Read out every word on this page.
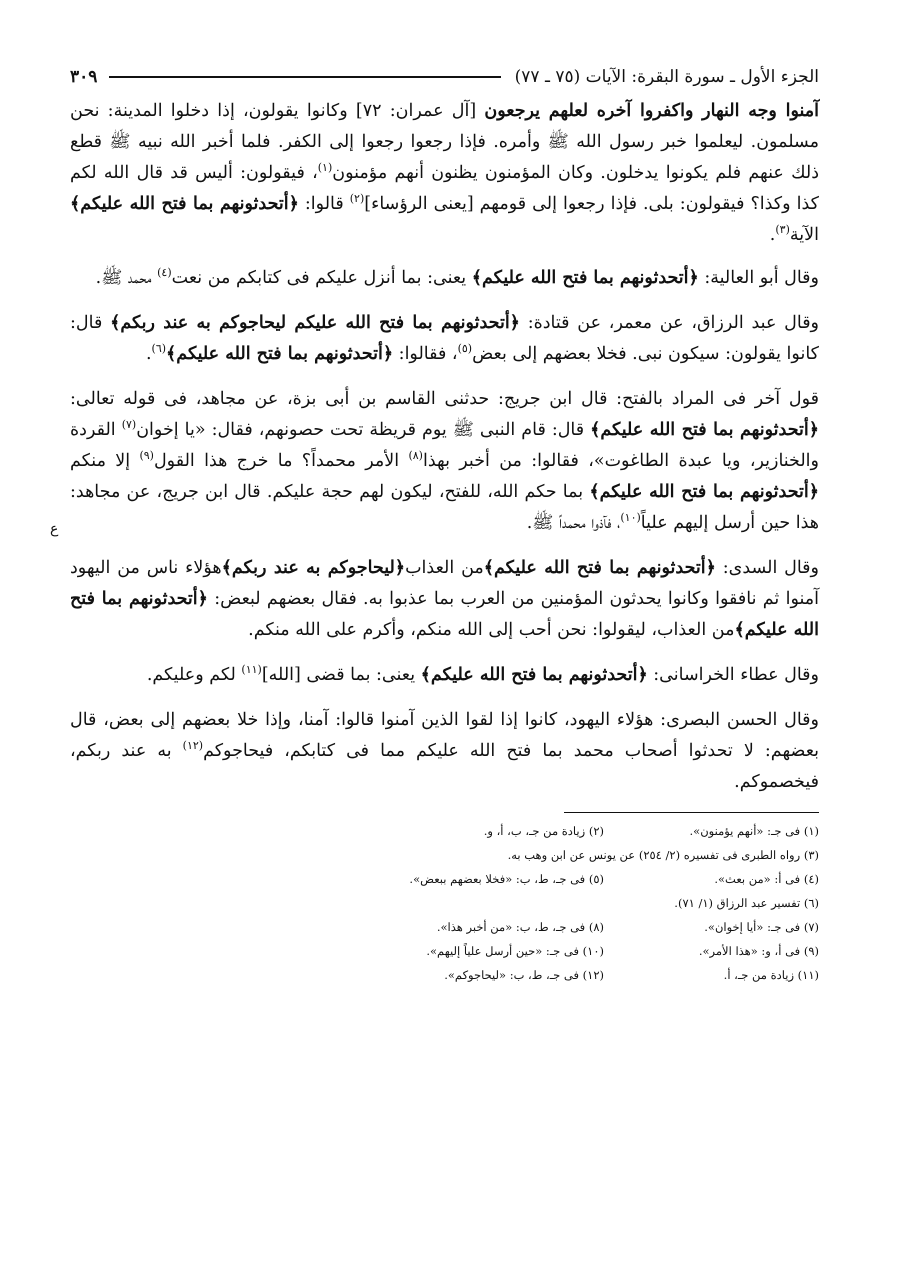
الجزء الأول ـ سورة البقرة: الآيات (٧٥ ـ ٧٧)
٣٠٩

آمنوا وجه النهار واكفروا آخره لعلهم يرجعون [آل عمران: ٧٢] وكانوا يقولون، إذا دخلوا المدينة: نحن مسلمون. ليعلموا خبر رسول الله ﷺ وأمره. فإذا رجعوا رجعوا إلى الكفر. فلما أخبر الله نبيه ﷺ قطع ذلك عنهم فلم يكونوا يدخلون. وكان المؤمنون يظنون أنهم مؤمنون$^{(١)}$، فيقولون: أليس قد قال الله لكم كذا وكذا؟ فيقولون: بلى. فإذا رجعوا إلى قومهم [يعنى الرؤساء]$^{(٢)}$ قالوا: ﴿أتحدثونهم بما فتح الله عليكم﴾ الآية$^{(٣)}$.

وقال أبو العالية: ﴿أتحدثونهم بما فتح الله عليكم﴾ يعنى: بما أنزل عليكم فى كتابكم من نعت$^{(٤)}$ محمد ﷺ.

وقال عبد الرزاق، عن معمر، عن قتادة: ﴿أتحدثونهم بما فتح الله عليكم ليحاجوكم به عند ربكم﴾ قال: كانوا يقولون: سيكون نبى. فخلا بعضهم إلى بعض$^{(٥)}$، فقالوا: ﴿أتحدثونهم بما فتح الله عليكم﴾$^{(٦)}$.

قول آخر فى المراد بالفتح: قال ابن جريج: حدثنى القاسم بن أبى بزة، عن مجاهد، فى قوله تعالى: ﴿أتحدثونهم بما فتح الله عليكم﴾ قال: قام النبى ﷺ يوم قريظة تحت حصونهم، فقال: «يا إخوان$^{(٧)}$ القردة والخنازير، ويا عبدة الطاغوت»، فقالوا: من أخبر بهذا$^{(٨)}$ الأمر محمداً؟ ما خرج هذا القول$^{(٩)}$ إلا منكم ﴿أتحدثونهم بما فتح الله عليكم﴾ بما حكم الله، للفتح، ليكون لهم حجة عليكم. قال ابن جريج، عن مجاهد: هذا حين أرسل إليهم علياً$^{(١٠)}$، فآذوا محمداً ﷺ.

وقال السدى: ﴿أتحدثونهم بما فتح الله عليكم﴾من العذاب﴿ليحاجوكم به عند ربكم﴾هؤلاء ناس من اليهود آمنوا ثم نافقوا وكانوا يحدثون المؤمنين من العرب بما عذبوا به. فقال بعضهم لبعض: ﴿أتحدثونهم بما فتح الله عليكم﴾من العذاب، ليقولوا: نحن أحب إلى الله منكم، وأكرم على الله منكم.

وقال عطاء الخراسانى: ﴿أتحدثونهم بما فتح الله عليكم﴾ يعنى: بما قضى [الله]$^{(١١)}$ لكم وعليكم.

وقال الحسن البصرى: هؤلاء اليهود، كانوا إذا لقوا الذين آمنوا قالوا: آمنا، وإذا خلا بعضهم إلى بعض، قال بعضهم: لا تحدثوا أصحاب محمد بما فتح الله عليكم مما فى كتابكم، فيحاجوكم$^{(١٢)}$ به عند ربكم، فيخصموكم.

ع
(١) فى جـ: «أنهم يؤمنون».
(٢) زيادة من جـ، ب، أ، و.
(٣) رواه الطبرى فى تفسيره (٢/ ٢٥٤) عن يونس عن ابن وهب به.
(٤) فى أ: «من بعث».
(٥) فى جـ، ط، ب: «فخلا بعضهم ببعض».
(٦) تفسير عبد الرزاق (١/ ٧١).
(٧) فى جـ: «أيا إخوان».
(٨) فى جـ، ط، ب: «من أخبر هذا».
(٩) فى أ، و: «هذا الأمر».
(١٠) فى جـ: «حين أرسل علياً إليهم».
(١١) زيادة من جـ، أ.
(١٢) فى جـ، ط، ب: «ليحاجوكم».
